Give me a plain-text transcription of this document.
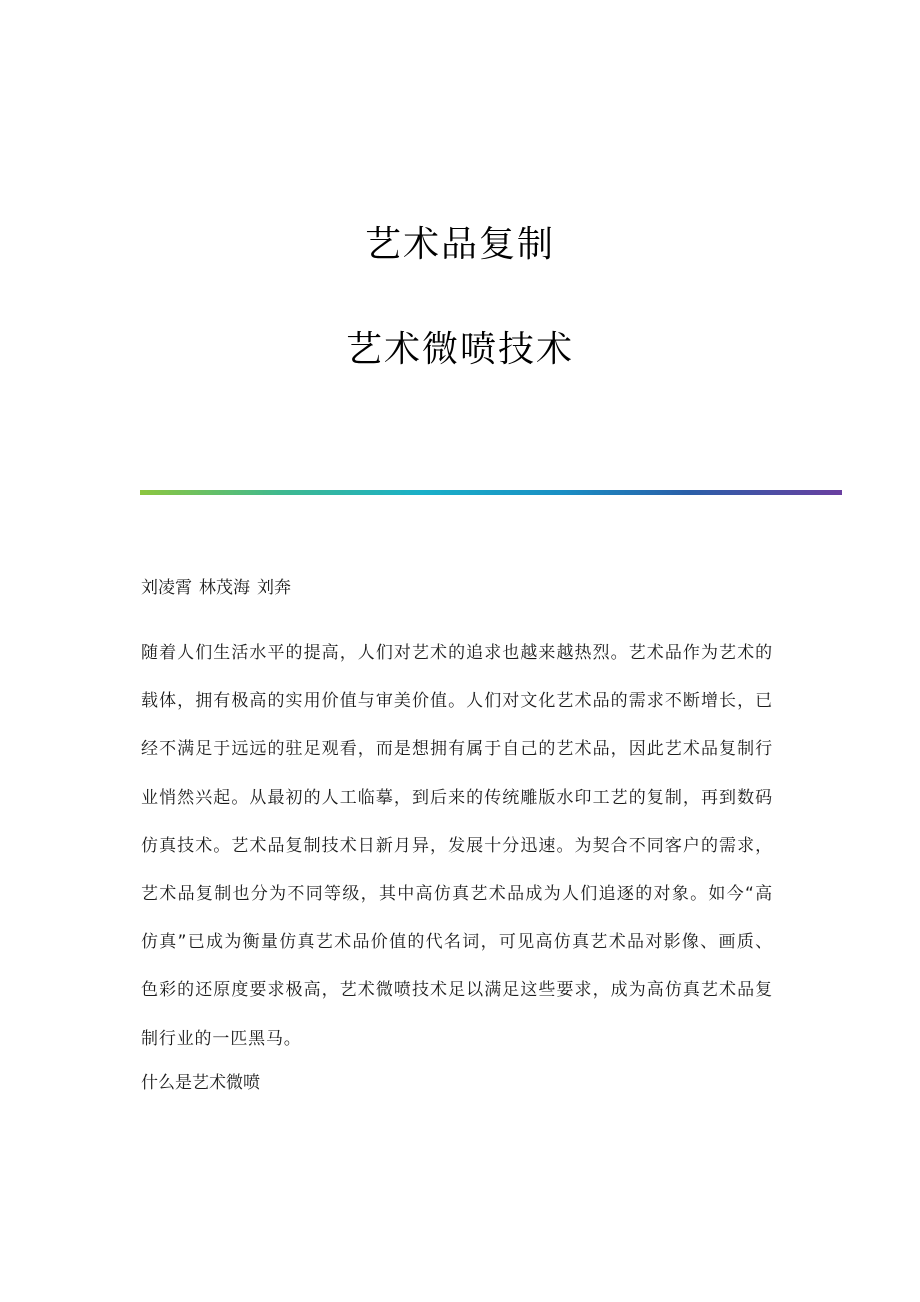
艺术品复制
艺术微喷技术
刘凌霄 林茂海 刘奔

随着人们生活水平的提高，人们对艺术的追求也越来越热烈。艺术品作为艺术的载体，拥有极高的实用价值与审美价值。人们对文化艺术品的需求不断增长，已经不满足于远远的驻足观看，而是想拥有属于自己的艺术品，因此艺术品复制行业悄然兴起。从最初的人工临摹，到后来的传统雕版水印工艺的复制，再到数码仿真技术。艺术品复制技术日新月异，发展十分迅速。为契合不同客户的需求，艺术品复制也分为不同等级，其中高仿真艺术品成为人们追逐的对象。如今“高仿真”已成为衡量仿真艺术品价值的代名词，可见高仿真艺术品对影像、画质、色彩的还原度要求极高，艺术微喷技术足以满足这些要求，成为高仿真艺术品复制行业的一匹黑马。

什么是艺术微喷
